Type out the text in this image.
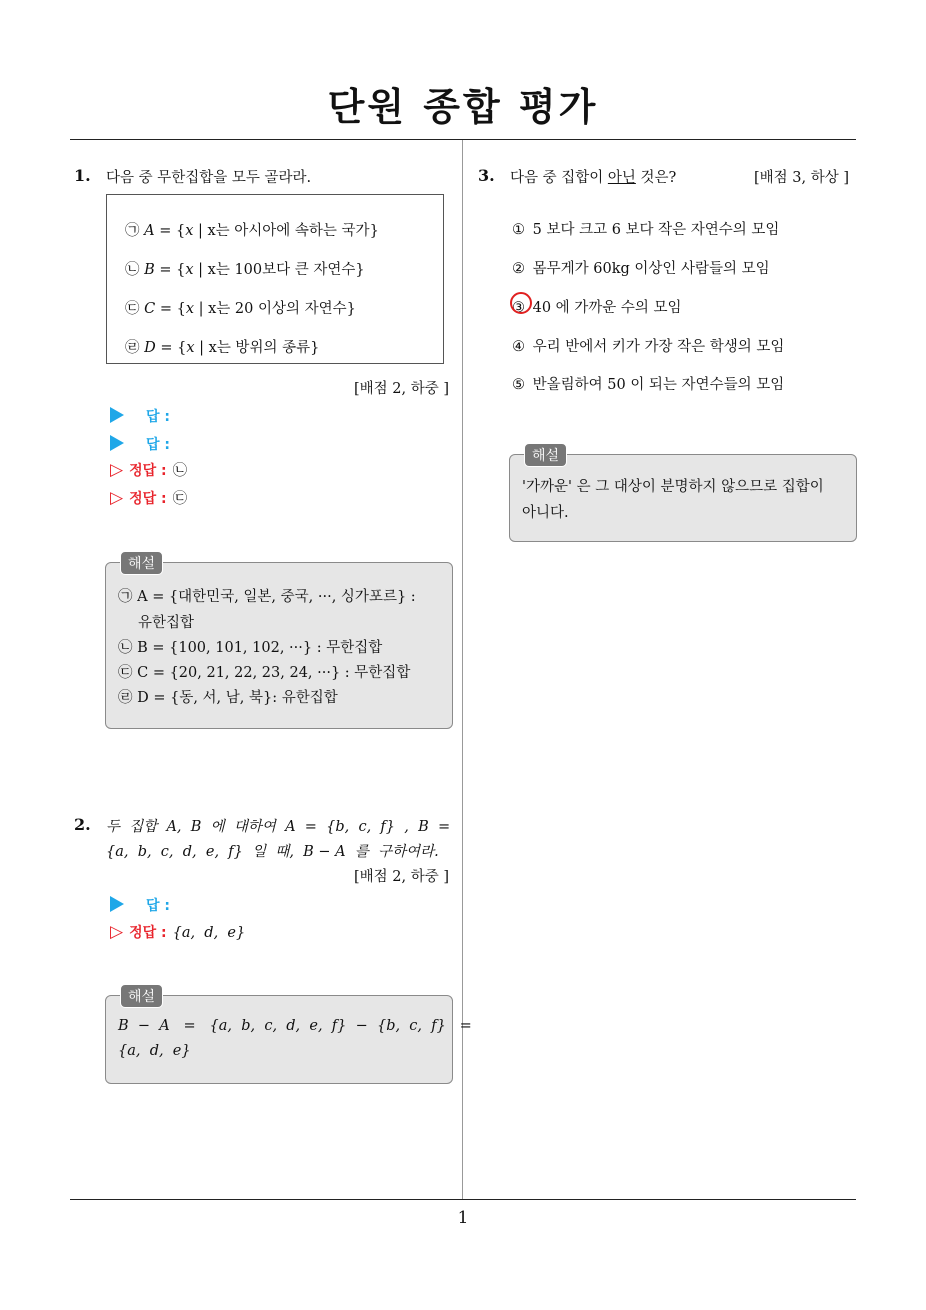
단원 종합 평가
1
1. 다음 중 무한집합을 모두 골라라.
㉠ A = {x | x는 아시아에 속하는 국가}
㉡ B = {x | x는 100보다 큰 자연수}
㉢ C = {x | x는 20 이상의 자연수}
㉣ D = {x | x는 방위의 종류}
[배점 2, 하중 ]
답 :
답 :
▷ 정답 : ㉡
▷ 정답 : ㉢
해설
㉠ A = {대한민국, 일본, 중국, ···, 싱가포르} :
유한집합
㉡ B = {100, 101, 102, ···} : 무한집합
㉢ C = {20, 21, 22, 23, 24, ···} : 무한집합
㉣ D = {동, 서, 남, 북}: 유한집합
2. 두  집합  A,  B  에  대하여  A  =  {b,  c,  f}  ,  B  =
{a,  b,  c,  d,  e,  f}  일  때,  B − A  를  구하여라.
[배점 2, 하중 ]
답 :
▷ 정답 : {a,  d,  e}
해설
B  −  A   =   {a,  b,  c,  d,  e,  f}  −  {b,  c,  f}   =
{a,  d,  e}
3. 다음 중 집합이 아닌 것은?	[배점 3, 하상 ]
① 5 보다 크고 6 보다 작은 자연수의 모임
② 몸무게가 60kg 이상인 사람들의 모임
③ 40 에 가까운 수의 모임
④ 우리 반에서 키가 가장 작은 학생의 모임
⑤ 반올림하여 50 이 되는 자연수들의 모임
해설
'가까운' 은 그 대상이 분명하지 않으므로 집합이
아니다.
